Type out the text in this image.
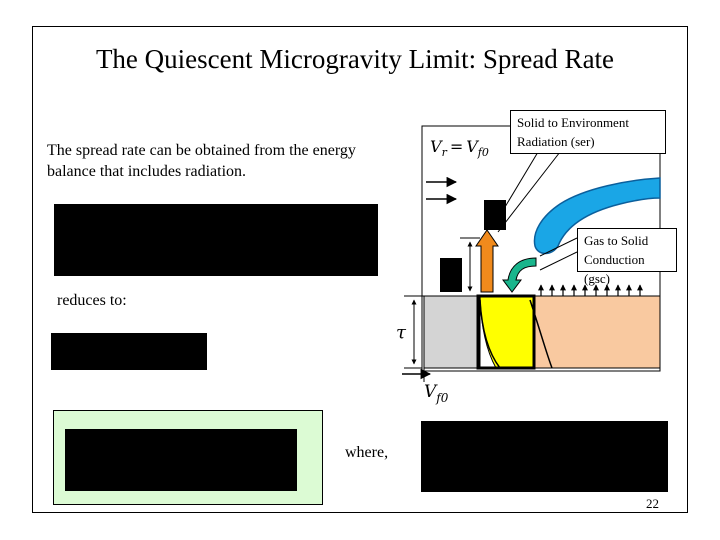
The Quiescent Microgravity Limit: Spread Rate
The spread rate can be obtained from the energy balance that includes radiation.
reduces to:
where,
$V_r = V_{f0}$
τ
$V_{f0}$
Solid to Environment Radiation (ser)
Gas to Solid Conduction (gsc)
22
